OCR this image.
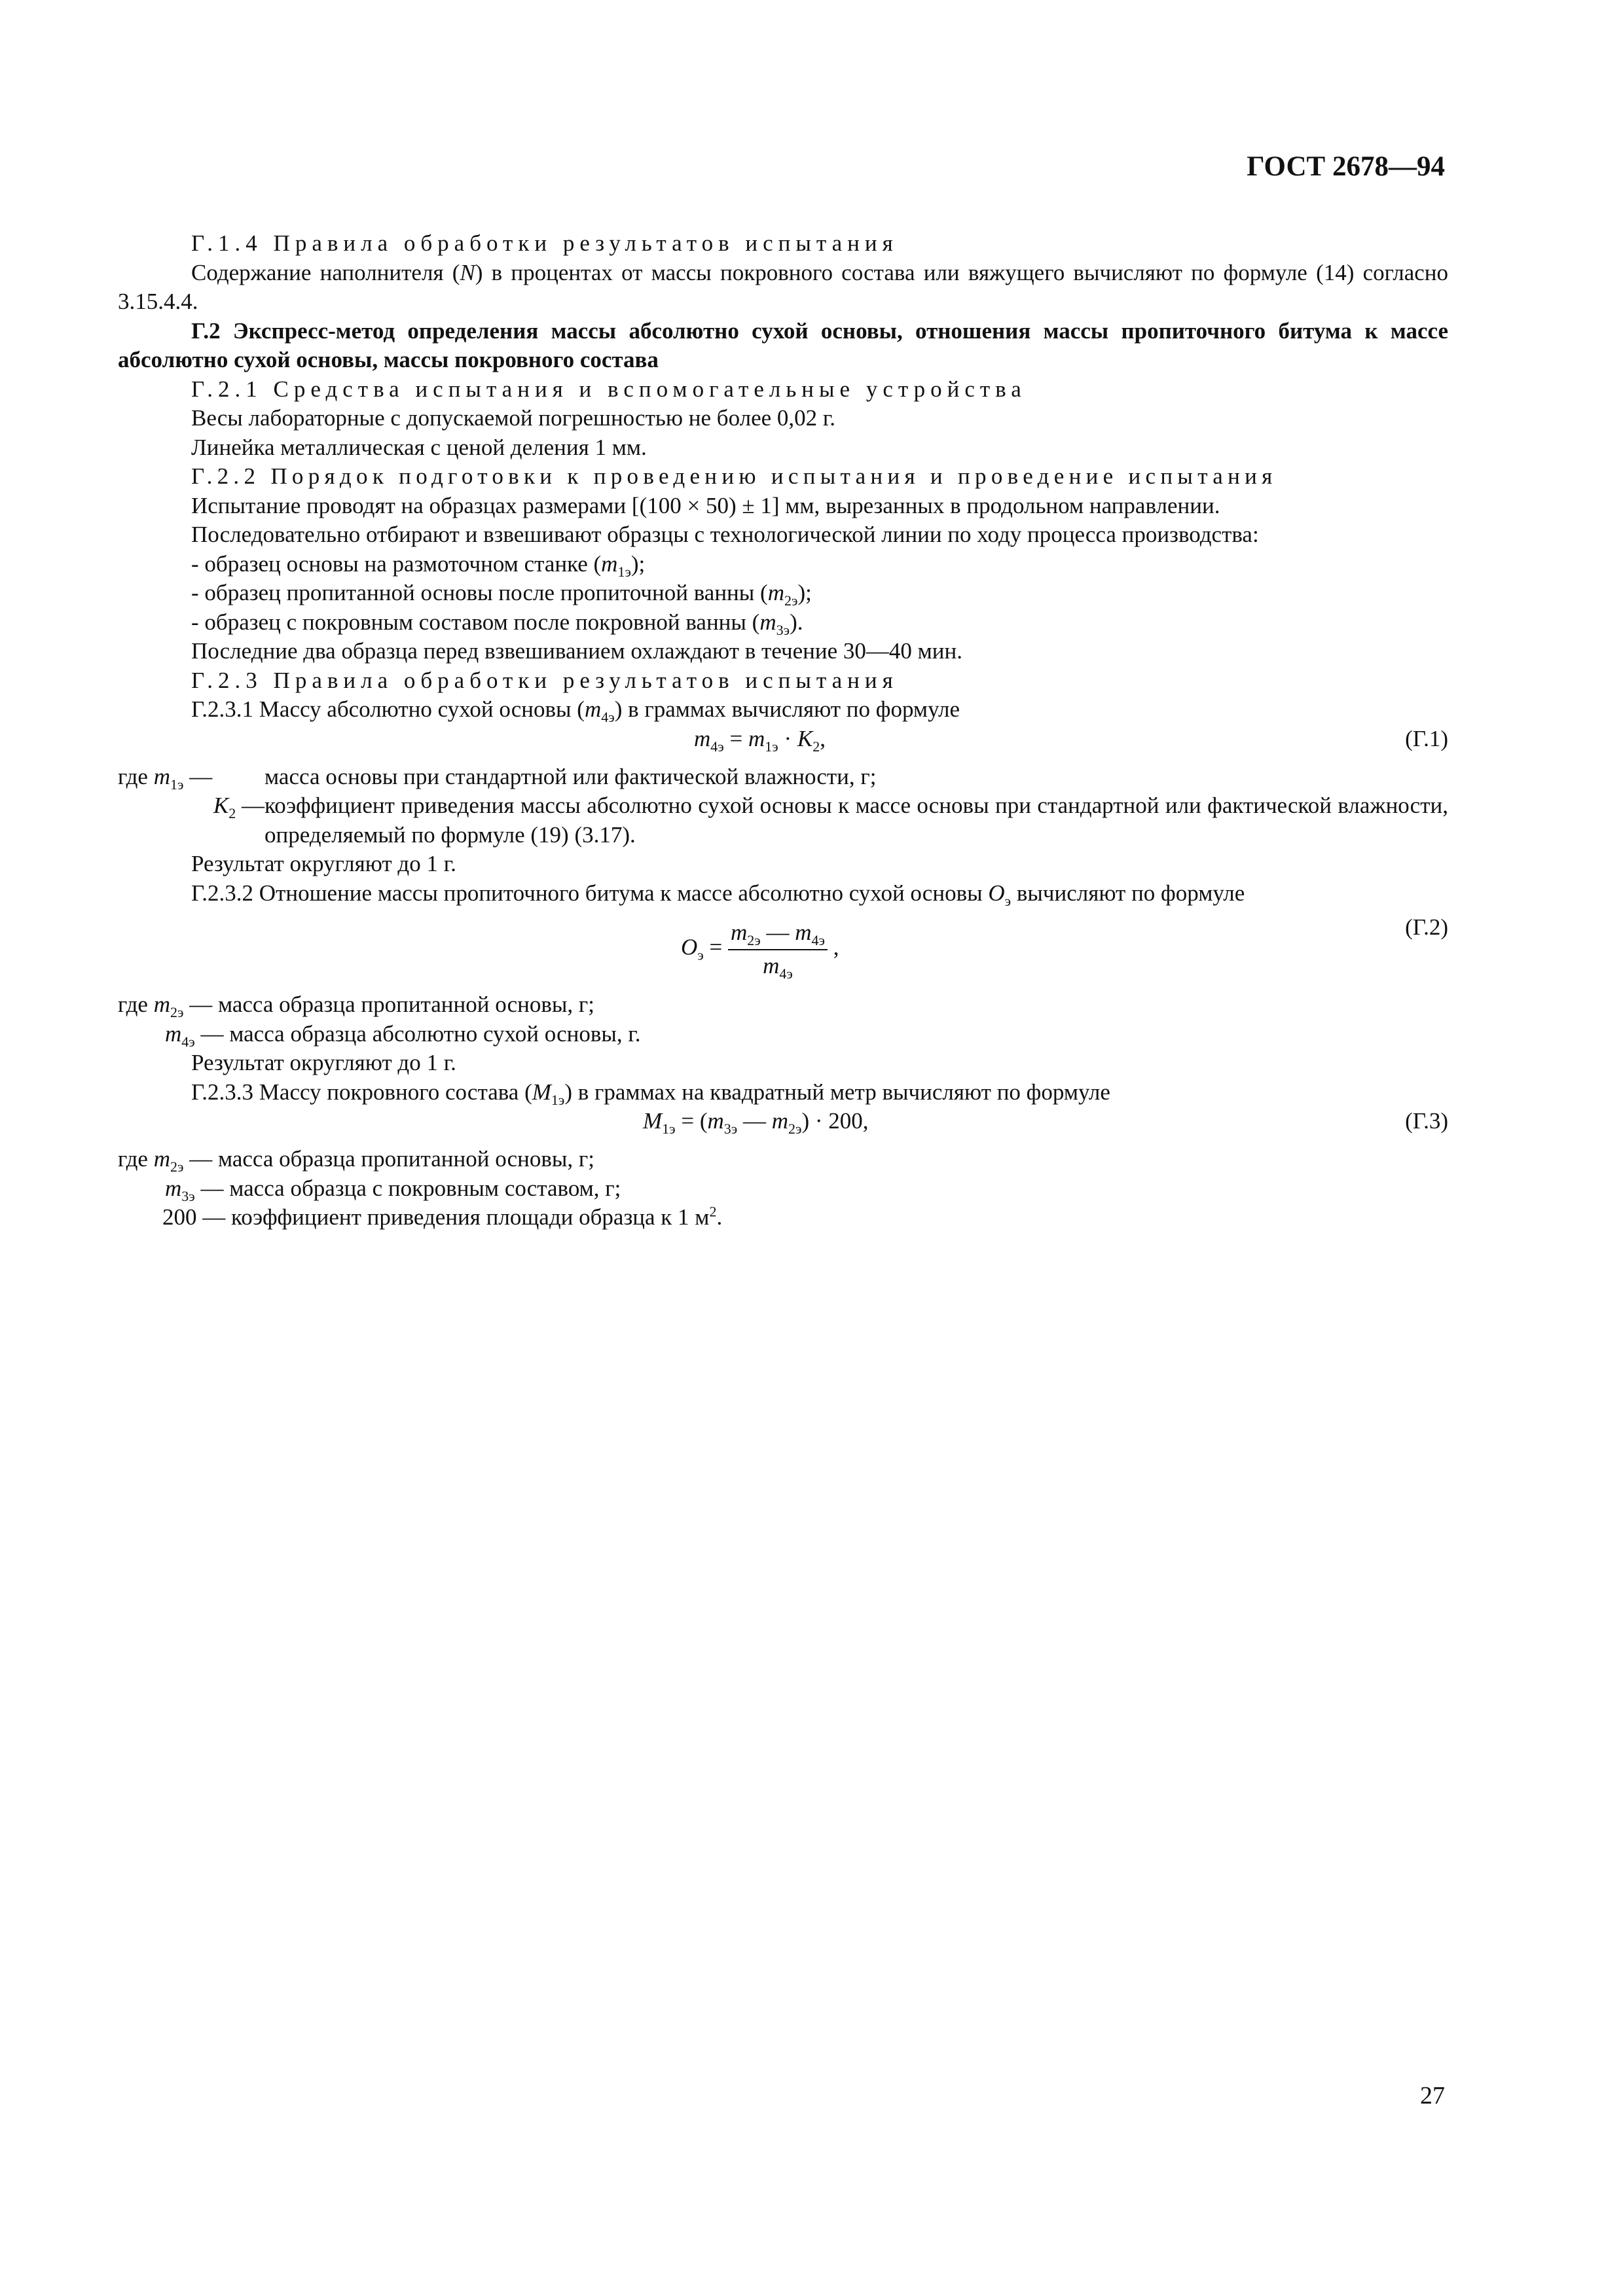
ГОСТ 2678—94

Г.1.4 Правила обработки результатов испытания

Содержание наполнителя (N) в процентах от массы покровного состава или вяжущего вычисляют по формуле (14) согласно 3.15.4.4.

Г.2 Экспресс-метод определения массы абсолютно сухой основы, отношения массы пропиточного битума к массе абсолютно сухой основы, массы покровного состава

Г.2.1 Средства испытания и вспомогательные устройства

Весы лабораторные с допускаемой погрешностью не более 0,02 г.

Линейка металлическая с ценой деления 1 мм.

Г.2.2 Порядок подготовки к проведению испытания и проведение испытания

Испытание проводят на образцах размерами [(100 × 50) ± 1] мм, вырезанных в продольном направлении.

Последовательно отбирают и взвешивают образцы с технологической линии по ходу процесса производства:

- образец основы на размоточном станке $(m_{1э})$;

- образец пропитанной основы после пропиточной ванны $(m_{2э})$;

- образец с покровным составом после покровной ванны $(m_{3э})$.

Последние два образца перед взвешиванием охлаждают в течение 30—40 мин.

Г.2.3 Правила обработки результатов испытания

Г.2.3.1 Массу абсолютно сухой основы $(m_{4э})$ в граммах вычисляют по формуле

$m_{4э} = m_{1э} \cdot K_2$,	(Г.1)
где $m_{1э}$ —	масса основы при стандартной или фактической влажности, г;
$K_2$ — коэффициент приведения массы абсолютно сухой основы к массе основы при стандартной или фактической влажности, определяемый по формуле (19) (3.17).

Результат округляют до 1 г.

Г.2.3.2 Отношение массы пропиточного битума к массе абсолютно сухой основы $O_э$ вычисляют по формуле

$O_э = \frac{m_{2э} — m_{4э}}{m_{4э}}$ ,
(Г.2)

где $m_{2э}$ — масса образца пропитанной основы, г;

$m_{4э}$ — масса образца абсолютно сухой основы, г.

Результат округляют до 1 г.

Г.2.3.3 Массу покровного состава $(M_{1э})$ в граммах на квадратный метр вычисляют по формуле

$M_{1э} = (m_{3э}$ — $m_{2э}) \cdot 200$,	(Г.3)

где $m_{2э}$ — масса образца пропитанной основы, г;

$m_{3э}$ — масса образца с покровным составом, г;

200 — коэффициент приведения площади образца к 1 $м^2$.

27
